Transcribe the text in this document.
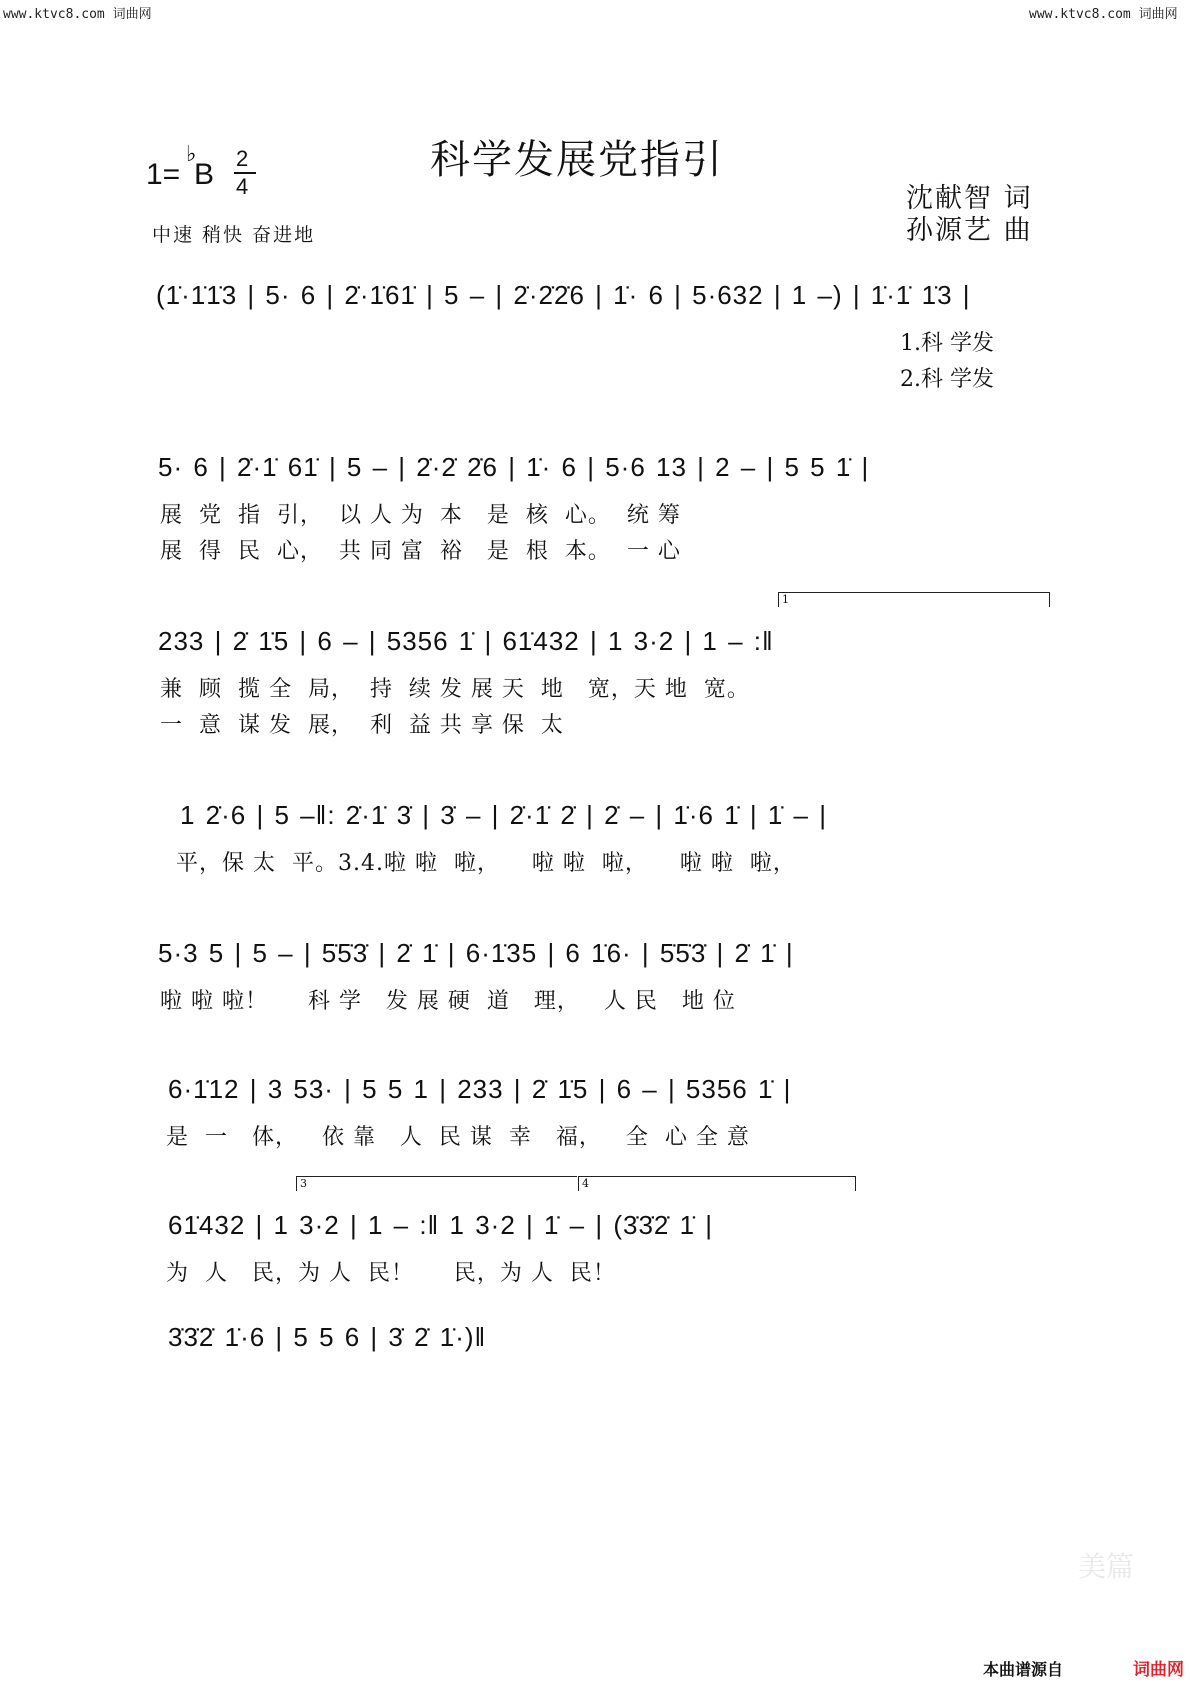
www.ktvc8.com 词曲网	www.ktvc8.com 词曲网
科学发展党指引
1=
♭
B 2
4
中速 稍快 奋进地
沈献智 词
孙源艺 曲
(1̇·1̇1̇3 | 5· 6 | 2̇·1̇61̇ | 5 – | 2̇·2̇2̇6 | 1̇· 6 | 5·632 | 1 –) | 1̇·1̇ 1̇3 |
1.科 学发
2.科 学发
5· 6 | 2̇·1̇ 61̇ | 5 – | 2̇·2̇ 2̇6 | 1̇· 6 | 5·6 13 | 2 – | 5 5 1̇ |
展  党  指  引，  以 人 为  本   是  核  心。  统 筹
展  得  民  心，  共 同 富  裕   是  根  本。  一 心
1
233 | 2̇ 1̇5 | 6 – | 5356 1̇ | 61̇432 | 1 3·2 | 1 – :‖
兼  顾  揽 全  局，  持  续 发 展 天  地   宽，天 地  宽。
一  意  谋 发  展，  利  益 共 享 保  太
1 2̇·6 | 5 –‖: 2̇·1̇ 3̇ | 3̇ – | 2̇·1̇ 2̇ | 2̇ – | 1̇·6 1̇ | 1̇ – |
平，保 太  平。3.4.啦 啦  啦，    啦 啦  啦，    啦 啦  啦，
5·3 5 | 5 – | 5̇5̇3̇ | 2̇ 1̇ | 6·1̇35 | 6 1̇6· | 5̇5̇3̇ | 2̇ 1̇ |
啦 啦 啦！     科 学   发 展 硬  道   理，   人 民   地 位
6·1̇12 | 3 53· | 5 5 1 | 233 | 2̇ 1̇5 | 6 – | 5356 1̇ |
是  一   体，   依 靠   人  民 谋  幸   福，   全  心 全 意
3	4
61̇432 | 1 3·2 | 1 – :‖ 1 3·2 | 1̇ – | (3̇3̇2̇ 1̇ |
为  人   民，为 人  民！     民，为 人  民！
3̇3̇2̇ 1̇·6 | 5 5 6 | 3̇ 2̇ 1̇·)‖
美篇
本曲谱源自	词曲网
